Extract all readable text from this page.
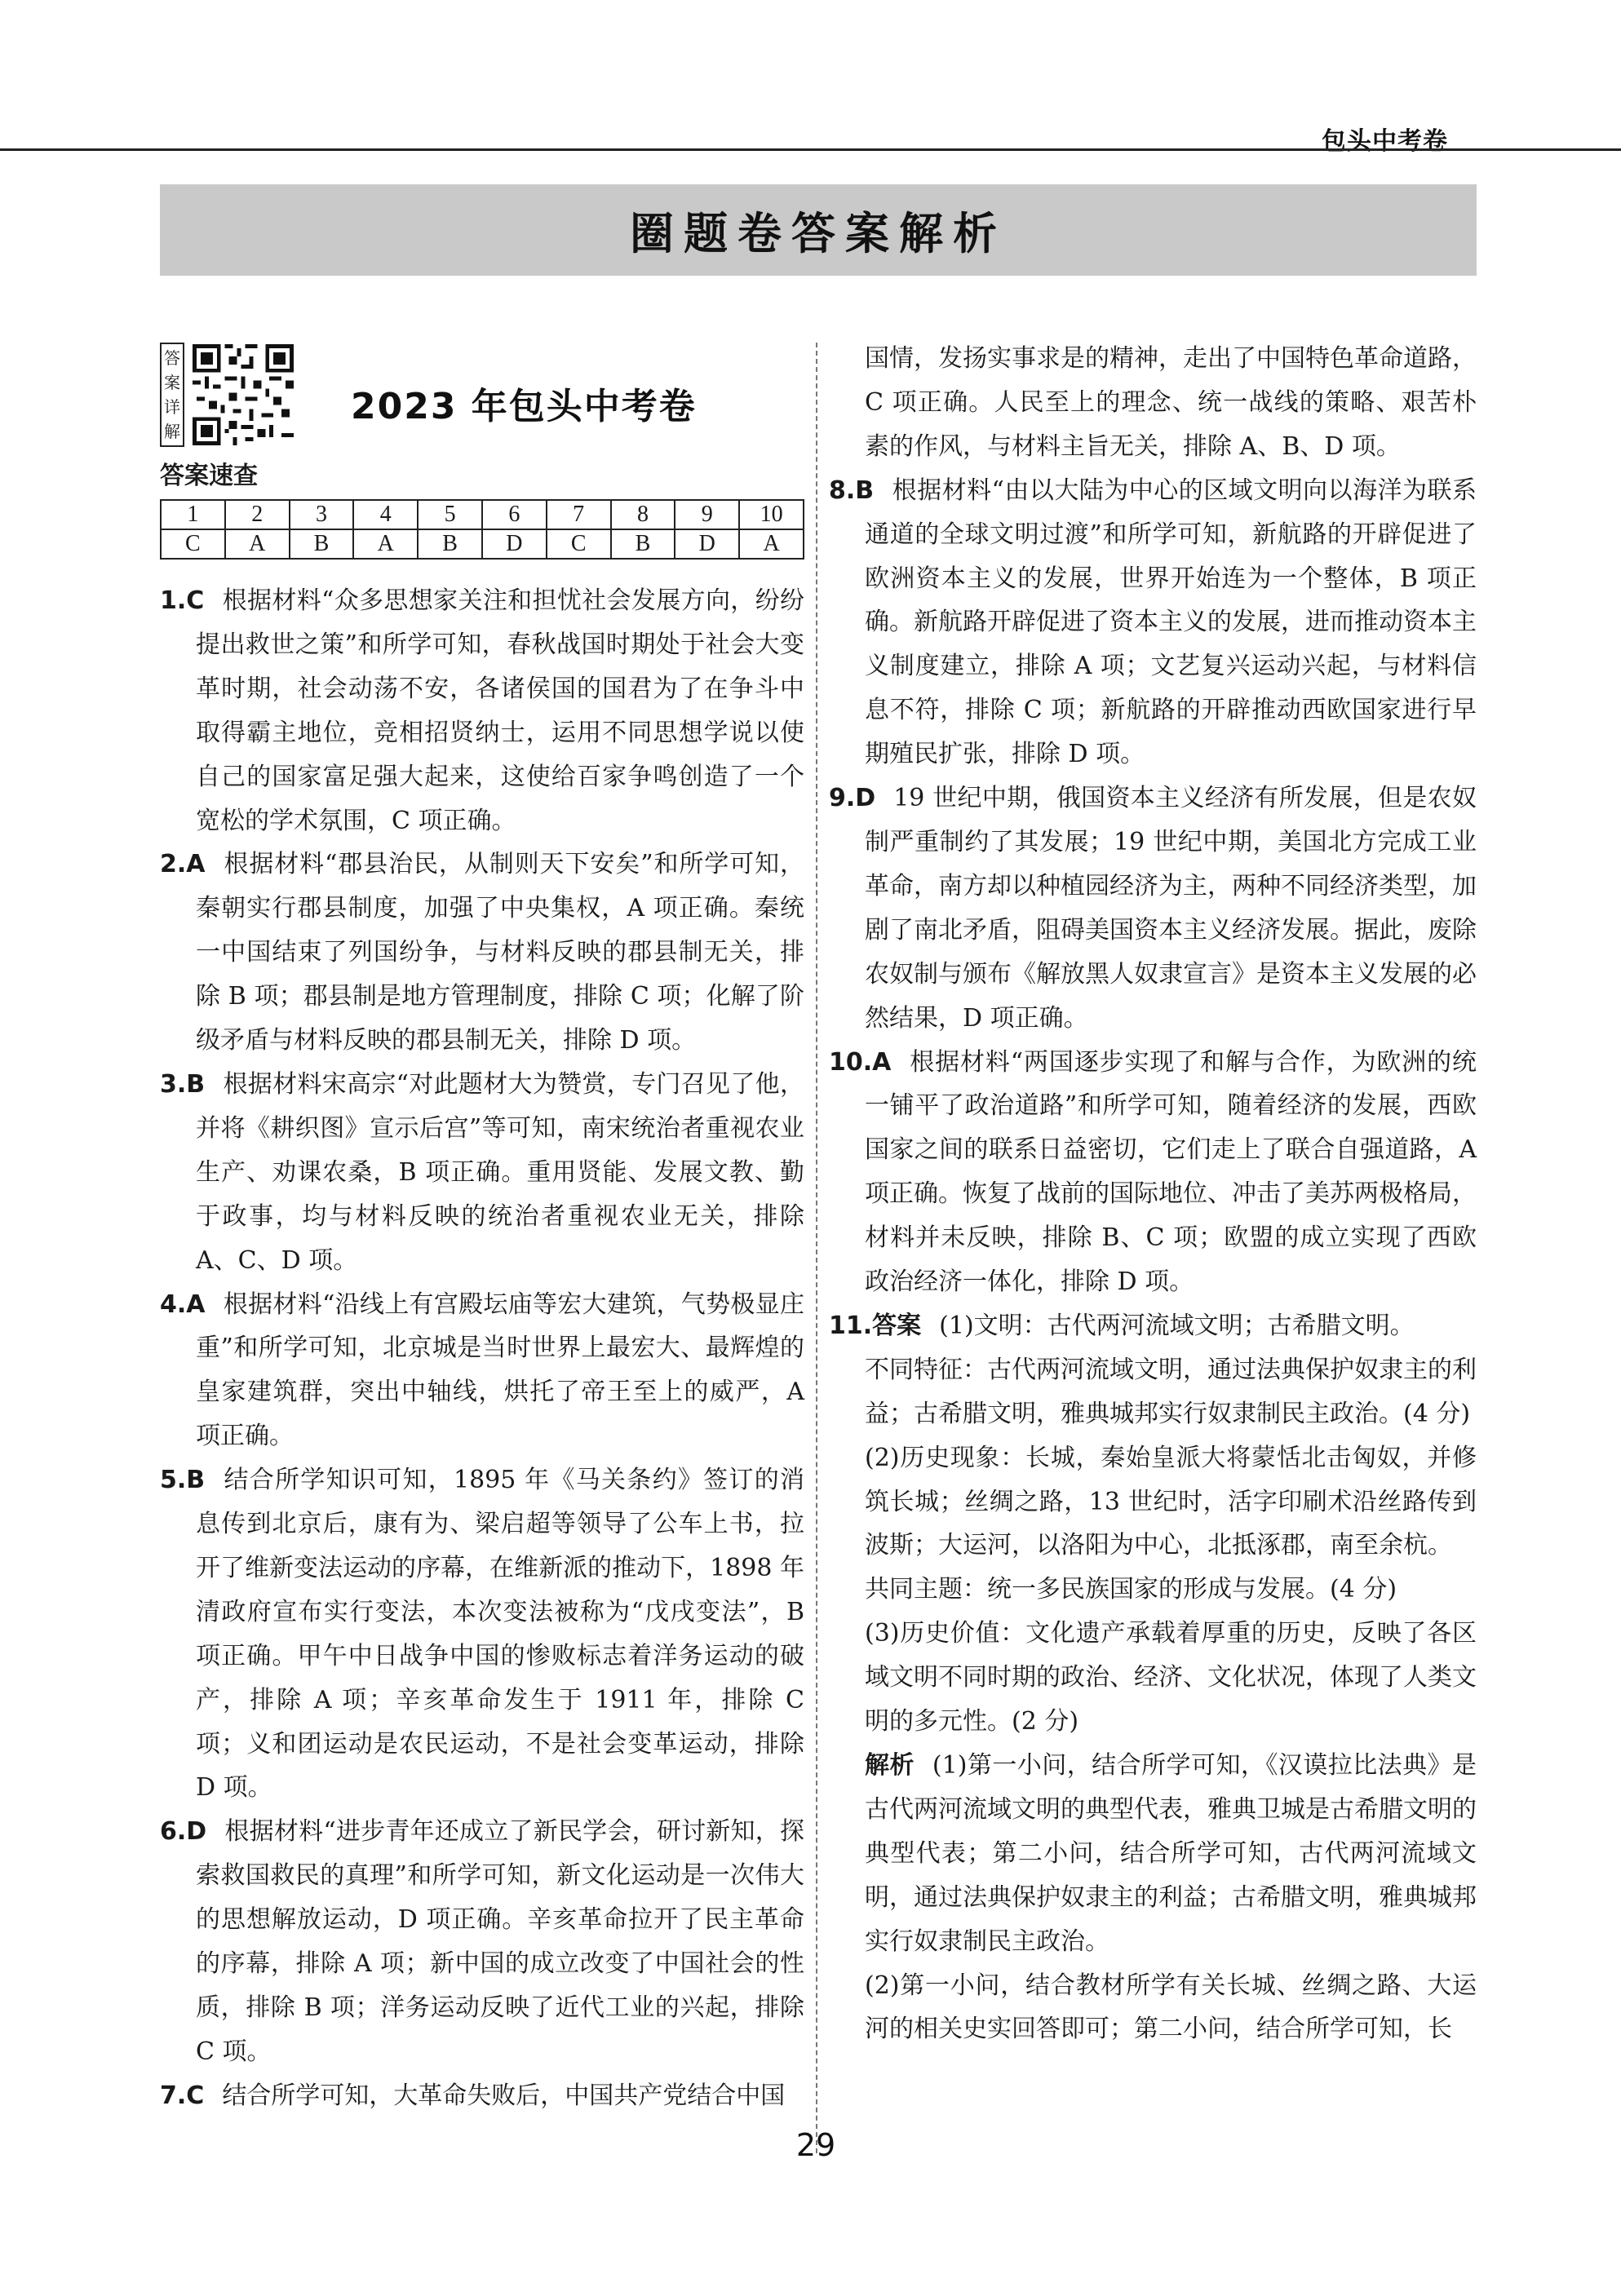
包头中考卷
圈题卷答案解析
答
案
详
解
2023 年包头中考卷
答案速查
1	2	3	4	5	6	7	8	9	10
C	A	B	A	B	D	C	B	D	A

1.C 根据材料“众多思想家关注和担忧社会发展方向，纷纷提出救世之策”和所学可知，春秋战国时期处于社会大变革时期，社会动荡不安，各诸侯国的国君为了在争斗中取得霸主地位，竞相招贤纳士，运用不同思想学说以使自己的国家富足强大起来，这使给百家争鸣创造了一个宽松的学术氛围，C 项正确。

2.A 根据材料“郡县治民，从制则天下安矣”和所学可知，秦朝实行郡县制度，加强了中央集权，A 项正确。秦统一中国结束了列国纷争，与材料反映的郡县制无关，排除 B 项；郡县制是地方管理制度，排除 C 项；化解了阶级矛盾与材料反映的郡县制无关，排除 D 项。

3.B 根据材料宋高宗“对此题材大为赞赏，专门召见了他，并将《耕织图》宣示后宫”等可知，南宋统治者重视农业生产、劝课农桑，B 项正确。重用贤能、发展文教、勤于政事，均与材料反映的统治者重视农业无关，排除 A、C、D 项。

4.A 根据材料“沿线上有宫殿坛庙等宏大建筑，气势极显庄重”和所学可知，北京城是当时世界上最宏大、最辉煌的皇家建筑群，突出中轴线，烘托了帝王至上的威严，A 项正确。

5.B 结合所学知识可知，1895 年《马关条约》签订的消息传到北京后，康有为、梁启超等领导了公车上书，拉开了维新变法运动的序幕，在维新派的推动下，1898 年清政府宣布实行变法，本次变法被称为“戊戌变法”，B 项正确。甲午中日战争中国的惨败标志着洋务运动的破产，排除 A 项；辛亥革命发生于 1911 年，排除 C 项；义和团运动是农民运动，不是社会变革运动，排除 D 项。

6.D 根据材料“进步青年还成立了新民学会，研讨新知，探索救国救民的真理”和所学可知，新文化运动是一次伟大的思想解放运动，D 项正确。辛亥革命拉开了民主革命的序幕，排除 A 项；新中国的成立改变了中国社会的性质，排除 B 项；洋务运动反映了近代工业的兴起，排除 C 项。

7.C 结合所学可知，大革命失败后，中国共产党结合中国

国情，发扬实事求是的精神，走出了中国特色革命道路，C 项正确。人民至上的理念、统一战线的策略、艰苦朴素的作风，与材料主旨无关，排除 A、B、D 项。

8.B 根据材料“由以大陆为中心的区域文明向以海洋为联系通道的全球文明过渡”和所学可知，新航路的开辟促进了欧洲资本主义的发展，世界开始连为一个整体，B 项正确。新航路开辟促进了资本主义的发展，进而推动资本主义制度建立，排除 A 项；文艺复兴运动兴起，与材料信息不符，排除 C 项；新航路的开辟推动西欧国家进行早期殖民扩张，排除 D 项。

9.D 19 世纪中期，俄国资本主义经济有所发展，但是农奴制严重制约了其发展；19 世纪中期，美国北方完成工业革命，南方却以种植园经济为主，两种不同经济类型，加剧了南北矛盾，阻碍美国资本主义经济发展。据此，废除农奴制与颁布《解放黑人奴隶宣言》是资本主义发展的必然结果，D 项正确。

10.A 根据材料“两国逐步实现了和解与合作，为欧洲的统一铺平了政治道路”和所学可知，随着经济的发展，西欧国家之间的联系日益密切，它们走上了联合自强道路，A 项正确。恢复了战前的国际地位、冲击了美苏两极格局，材料并未反映，排除 B、C 项；欧盟的成立实现了西欧政治经济一体化，排除 D 项。

11.答案 (1)文明：古代两河流域文明；古希腊文明。

不同特征：古代两河流域文明，通过法典保护奴隶主的利益；古希腊文明，雅典城邦实行奴隶制民主政治。(4 分)

(2)历史现象：长城，秦始皇派大将蒙恬北击匈奴，并修筑长城；丝绸之路，13 世纪时，活字印刷术沿丝路传到波斯；大运河，以洛阳为中心，北抵涿郡，南至余杭。

共同主题：统一多民族国家的形成与发展。(4 分)

(3)历史价值：文化遗产承载着厚重的历史，反映了各区域文明不同时期的政治、经济、文化状况，体现了人类文明的多元性。(2 分)

解析 (1)第一小问，结合所学可知，《汉谟拉比法典》是古代两河流域文明的典型代表，雅典卫城是古希腊文明的典型代表；第二小问，结合所学可知，古代两河流域文明，通过法典保护奴隶主的利益；古希腊文明，雅典城邦实行奴隶制民主政治。

(2)第一小问，结合教材所学有关长城、丝绸之路、大运河的相关史实回答即可；第二小问，结合所学可知，长

29
